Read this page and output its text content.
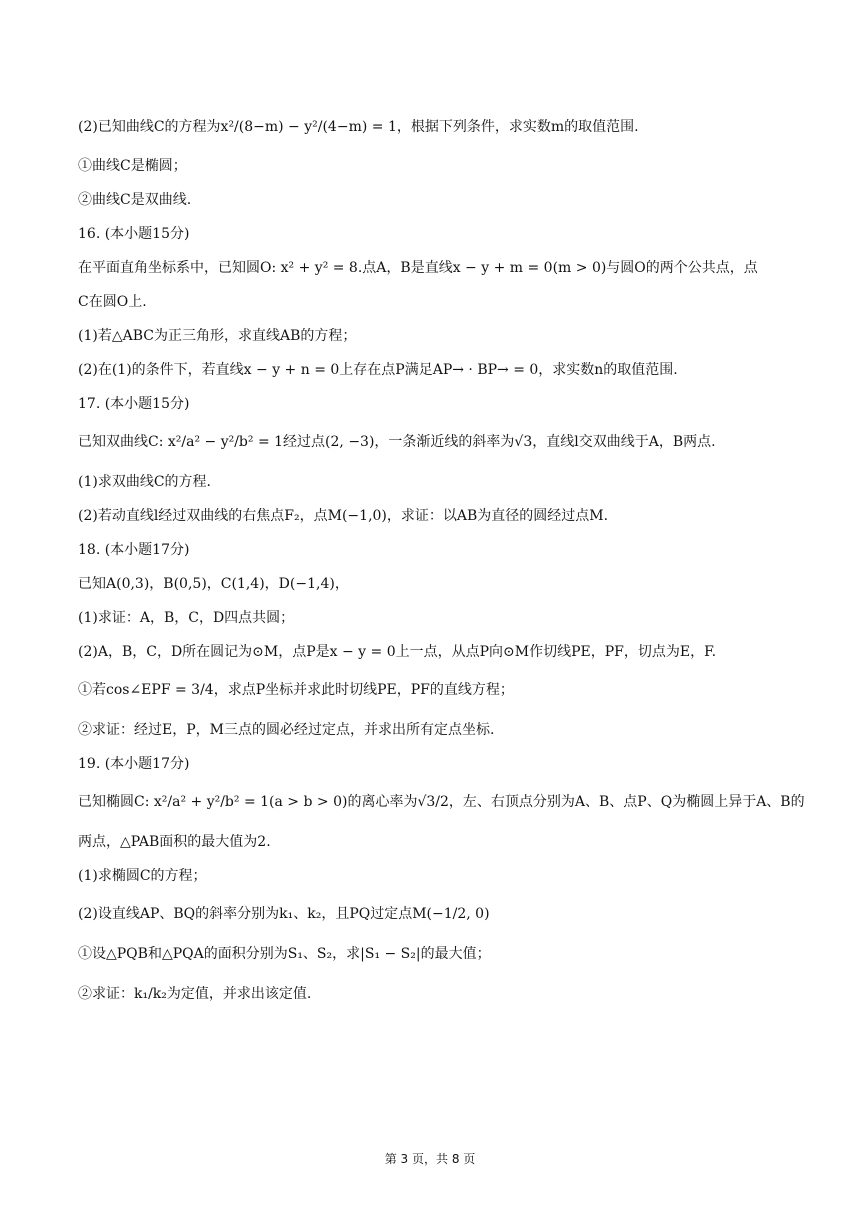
(2)已知曲线C的方程为x²/(8−m) − y²/(4−m) = 1，根据下列条件，求实数m的取值范围.
①曲线C是椭圆；
②曲线C是双曲线.
16. (本小题15分)
在平面直角坐标系中，已知圆O: x² + y² = 8.点A，B是直线x − y + m = 0(m > 0)与圆O的两个公共点，点
C在圆O上.
(1)若△ABC为正三角形，求直线AB的方程；
(2)在(1)的条件下，若直线x − y + n = 0上存在点P满足AP→ · BP→ = 0，求实数n的取值范围.
17. (本小题15分)
已知双曲线C: x²/a² − y²/b² = 1经过点(2, −3)，一条渐近线的斜率为√3，直线l交双曲线于A，B两点.
(1)求双曲线C的方程.
(2)若动直线l经过双曲线的右焦点F₂，点M(−1,0)，求证：以AB为直径的圆经过点M.
18. (本小题17分)
已知A(0,3)，B(0,5)，C(1,4)，D(−1,4)，
(1)求证：A，B，C，D四点共圆；
(2)A，B，C，D所在圆记为⊙M，点P是x − y = 0上一点，从点P向⊙M作切线PE，PF，切点为E，F.
①若cos∠EPF = 3/4，求点P坐标并求此时切线PE，PF的直线方程；
②求证：经过E，P，M三点的圆必经过定点，并求出所有定点坐标.
19. (本小题17分)
已知椭圆C: x²/a² + y²/b² = 1(a > b > 0)的离心率为√3/2，左、右顶点分别为A、B、点P、Q为椭圆上异于A、B的
两点，△PAB面积的最大值为2.
(1)求椭圆C的方程；
(2)设直线AP、BQ的斜率分别为k₁、k₂，且PQ过定点M(−1/2, 0)
①设△PQB和△PQA的面积分别为S₁、S₂，求|S₁ − S₂|的最大值；
②求证：k₁/k₂为定值，并求出该定值.
第 3 页，共 8 页
